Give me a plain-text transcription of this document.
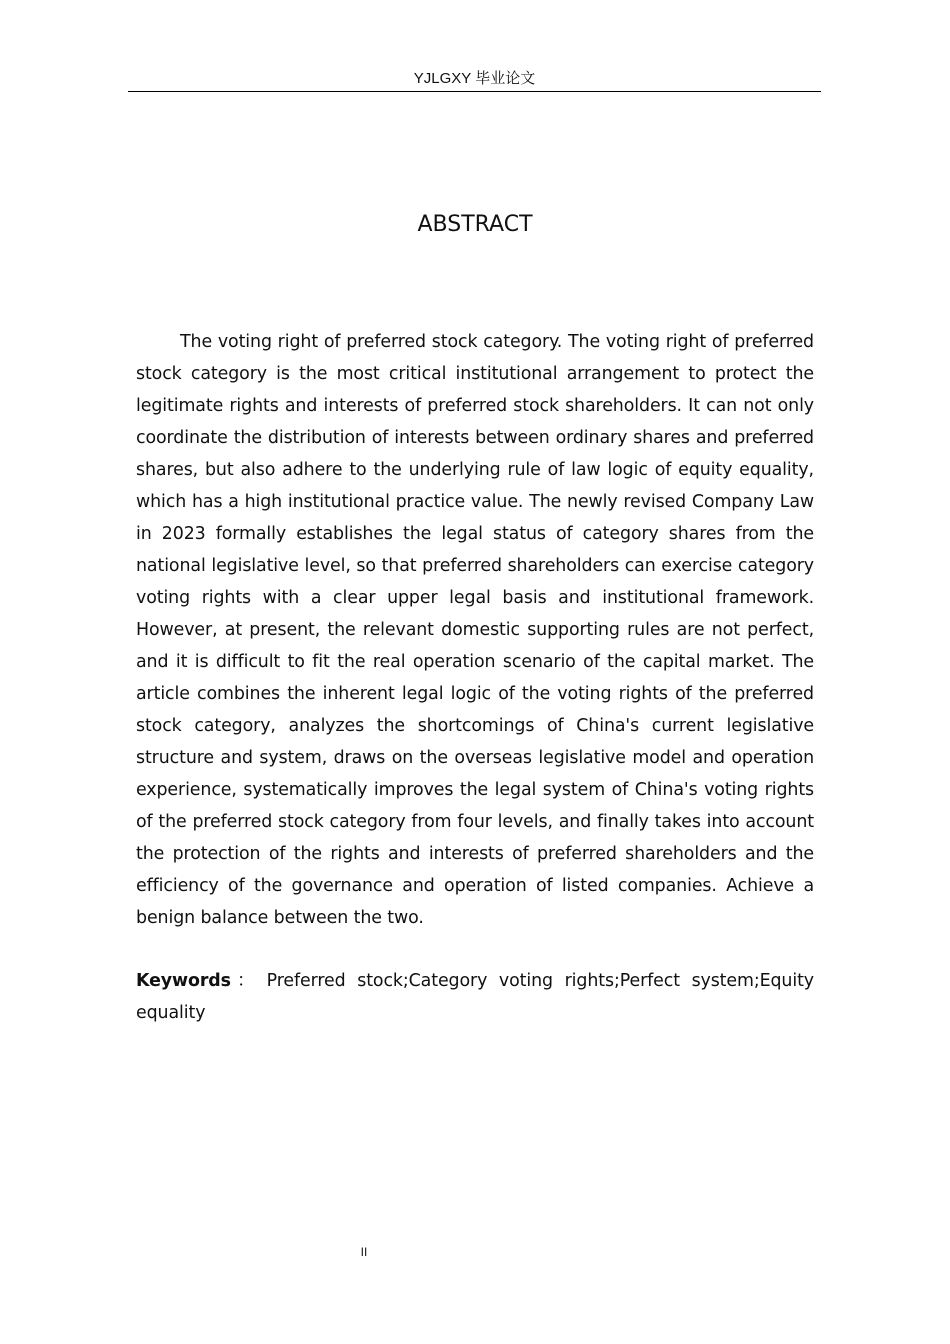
YJLGXY 毕业论文
ABSTRACT

The voting right of preferred stock category. The voting right of preferred stock category is the most critical institutional arrangement to protect the legitimate rights and interests of preferred stock shareholders. It can not only coordinate the distribution of interests between ordinary shares and preferred shares, but also adhere to the underlying rule of law logic of equity equality, which has a high institutional practice value. The newly revised Company Law in 2023 formally establishes the legal status of category shares from the national legislative level, so that preferred shareholders can exercise category voting rights with a clear upper legal basis and institutional framework. However, at present, the relevant domestic supporting rules are not perfect, and it is difficult to fit the real operation scenario of the capital market. The article combines the inherent legal logic of the voting rights of the preferred stock category, analyzes the shortcomings of China's current legislative structure and system, draws on the overseas legislative model and operation experience, systematically improves the legal system of China's voting rights of the preferred stock category from four levels, and finally takes into account the protection of the rights and interests of preferred shareholders and the efficiency of the governance and operation of listed companies. Achieve a benign balance between the two.

Keywords： Preferred stock;Category voting rights;Perfect system;Equity equality

II
